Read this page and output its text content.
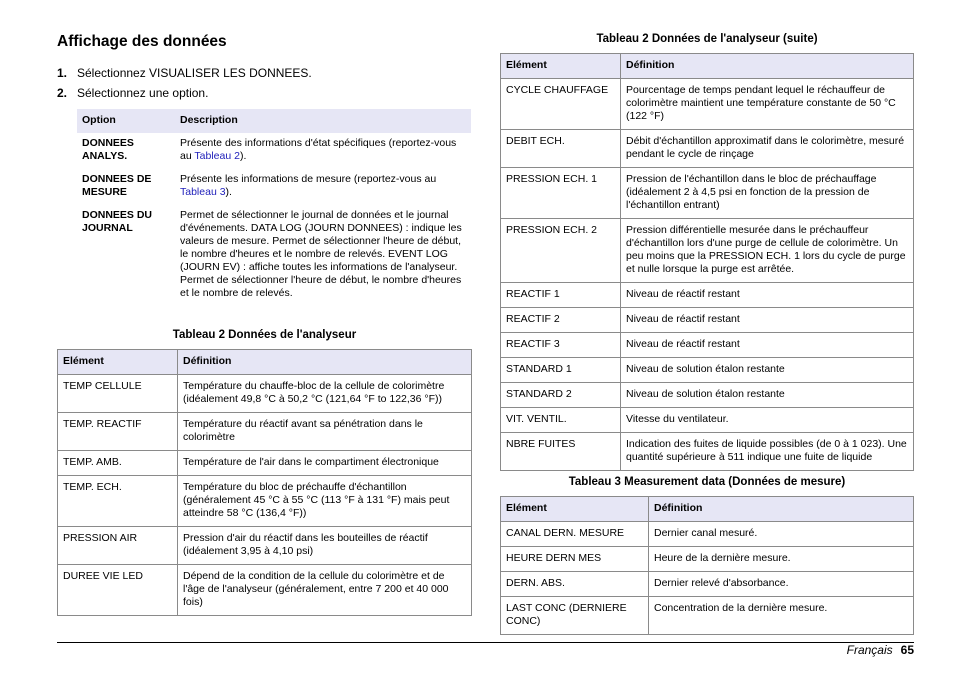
Affichage des données
1. Sélectionnez VISUALISER LES DONNEES.
2. Sélectionnez une option.
Option	Description
DONNEES ANALYS.	Présente des informations d'état spécifiques (reportez-vous au Tableau 2).
DONNEES DE MESURE	Présente les informations de mesure (reportez-vous au Tableau 3).
DONNEES DU JOURNAL	Permet de sélectionner le journal de données et le journal d'événements. DATA LOG (JOURN DONNEES) : indique les valeurs de mesure. Permet de sélectionner l'heure de début, le nombre d'heures et le nombre de relevés. EVENT LOG (JOURN EV) : affiche toutes les informations de l'analyseur. Permet de sélectionner l'heure de début, le nombre d'heures et le nombre de relevés.
Tableau 2 Données de l'analyseur
Elément	Définition
TEMP CELLULE	Température du chauffe-bloc de la cellule de colorimètre (idéalement 49,8 °C à 50,2 °C (121,64 °F to 122,36 °F))
TEMP. REACTIF	Température du réactif avant sa pénétration dans le colorimètre
TEMP. AMB.	Température de l'air dans le compartiment électronique
TEMP. ECH.	Température du bloc de préchauffe d'échantillon (généralement 45 °C à 55 °C (113 °F à 131 °F) mais peut atteindre 58 °C (136,4 °F))
PRESSION AIR	Pression d'air du réactif dans les bouteilles de réactif (idéalement 3,95 à 4,10 psi)
DUREE VIE LED	Dépend de la condition de la cellule du colorimètre et de l'âge de l'analyseur (généralement, entre 7 200 et 40 000 fois)
Tableau 2 Données de l'analyseur (suite)
Elément	Définition
CYCLE CHAUFFAGE	Pourcentage de temps pendant lequel le réchauffeur de colorimètre maintient une température constante de 50 °C (122 °F)
DEBIT ECH.	Débit d'échantillon approximatif dans le colorimètre, mesuré pendant le cycle de rinçage
PRESSION ECH. 1	Pression de l'échantillon dans le bloc de préchauffage (idéalement 2 à 4,5 psi en fonction de la pression de l'échantillon entrant)
PRESSION ECH. 2	Pression différentielle mesurée dans le préchauffeur d'échantillon lors d'une purge de cellule de colorimètre. Un peu moins que la PRESSION ECH. 1 lors du cycle de purge et nulle lorsque la purge est arrêtée.
REACTIF 1	Niveau de réactif restant
REACTIF 2	Niveau de réactif restant
REACTIF 3	Niveau de réactif restant
STANDARD 1	Niveau de solution étalon restante
STANDARD 2	Niveau de solution étalon restante
VIT. VENTIL.	Vitesse du ventilateur.
NBRE FUITES	Indication des fuites de liquide possibles (de 0 à 1 023). Une quantité supérieure à 511 indique une fuite de liquide
Tableau 3 Measurement data (Données de mesure)
Elément	Définition
CANAL DERN. MESURE	Dernier canal mesuré.
HEURE DERN MES	Heure de la dernière mesure.
DERN. ABS.	Dernier relevé d'absorbance.
LAST CONC (DERNIERE CONC)	Concentration de la dernière mesure.
Français 65
